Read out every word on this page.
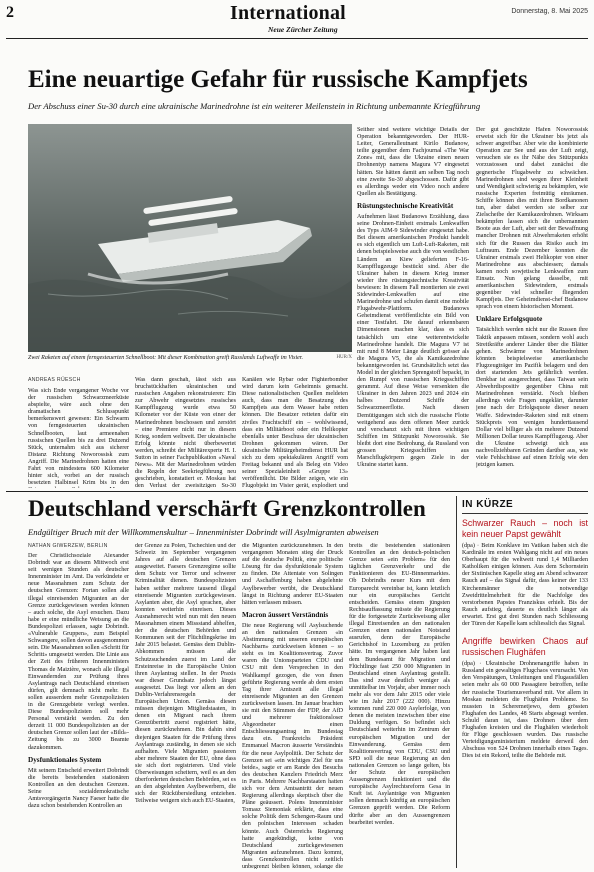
2	International
Neue Zürcher Zeitung
Donnerstag, 8. Mai 2025
Eine neuartige Gefahr für russische Kampfjets
Der Abschuss einer Su-30 durch eine ukrainische Marinedrohne ist ein weiterer Meilenstein in Richtung unbemannte Kriegführung
Zwei Raketen auf einem ferngesteuerten Schnellboot: Mit dieser Kombination greift Russlands Luftwaffe im Visier.	HUR/X
ANDREAS RÜESCH

Was sich Ende vergangener Woche vor der russischen Schwarzmeerküste abspielte, wäre auch ohne den dramatischen Schlusspunkt bemerkenswert gewesen: Ein Schwarm von ferngesteuerten ukrainischen Schnellbooten, laut armeenahen russischen Quellen bis zu drei Dutzend Stück, unternahm sich aus sicherer Distanz Richtung Noworossisk zum Angriff. Die Marinedrohnen hatten eine Fahrt von mindestens 600 Kilometer hinter sich, vorbei an der russisch besetzten Halbinsel Krim bis in den

Was dann geschah, lässt sich aus bruchstückhaften ukrainischen und russischen Angaben rekonstruieren: Ein zur Abwehr eingesetztes russisches Kampfflugzeug wurde etwa 50 Kilometer vor der Küste von einer der Marinedrohnen beschossen und zerstört – eine Premiere nicht nur in diesem Krieg, sondern weltweit. Der ukrainische Erfolg könnte nicht überbewertet werden, schreibt der Militärexperte H. I. Sutton in seiner Fachpublikation «Naval News». Mit der Marinedrohnen würden die Regeln der Seekriegführung neu geschrieben, konstatiert er. Moskau hat den Verlust der zweisitzigen Su-30

Kanälen wie Rybar oder Fighterbomber wird darum kein Geheimnis gemacht. Diese nationalistischen Quellen meldeten auch, dass man die Besatzung des Kampfjets aus dem Wasser habe retten können. Die Besatzer retteten dafür ein ziviles Frachtschiff ein – wohlwissend, dass ein Militärboot oder ein Helikopter ebenfalls unter Beschuss der ukrainischen Drohnen gekommen wären. Der ukrainische Militärgeheimdienst HUR hat sich zu dem spektakulären Angriff vom Freitag bekannt und als Beleg ein Video seiner Spezialeinheit «Gruppe 13» veröffentlicht. Die Bilder zeigen, wie ein Flugobjekt im Visier gerät, explodiert und

Seither sind weitere wichtige Details der Operation bekanntgeworden. Der HUR-Leiter, Generalleutnant Kirilo Budanow, teilte gegenüber dem Fachjournal «The War Zone» mit, dass die Ukraine einen neuen Drohnentyp namens Magura V7 eingesetzt hätten. Sie hätten damit am selben Tag noch eine zweite Su-30 abgeschossen. Dafür gibt es allerdings weder ein Video noch andere Quellen als Bestätigung.

Rüstungstechnische Kreativität

Aufnehmen lässt Budanows Erzählung, dass seine Drohnen-Einheit erstmals Lenkwaffen des Typs AIM-9 Sidewinder eingesetzt habe. Bei diesem amerikanischen Produkt handelt es sich eigentlich um Luft-Luft-Raketen, mit denen beispielsweise auch die von westlichen Ländern an Kiew gelieferten F-16-Kampfflugzeuge bestückt sind. Aber die Ukrainer haben in diesem Krieg immer wieder ihre rüstungstechnische Kreativität bewiesen: In diesem Fall montierten sie zwei Sidewinder-Lenkwaffen auf eine Marinedrohne und schufen damit eine mobile Flugabwehr-Plattform. Budanows Geheimdienst veröffentlichte ein Bild von einer Testfahrt. Die darauf erkennbaren Dimensionen machen klar, dass es sich tatsächlich um eine weiterentwickelte Marinedrohne handelt. Die Magura V7 ist mit rund 8 Meter Länge deutlich grösser als die Magura V5, die als Kamikazedrohne bekanntgeworden ist. Grundsätzlich setzt das Model in der gleichen Sprengstoff bepackt, in den Rumpf von russischen Kriegsschiffen gerammt. Auf diese Weise versenkten die Ukrainer in den Jahren 2023 und 2024 ein halbes Dutzend Schiffe der Schwarzmeerflotte. Nach diesen Demütigungen sich sich die russische Flotte weitgehend aus dem offenen Meer zurück und verschanzt sich mit ihren wichtigen Schiffen im Stützpunkt Noworossisk. Sie bleibt dort eine Bedrohung, da Russland von grossen Kriegsschiffen aus Marschflugkörpern gegen Ziele in der Ukraine startet kann.

Der gut geschützte Hafen Noworossisk erweist sich für die Ukrainer bis jetzt als schwer angreifbar. Aber wie die kombinierte Operation zur See und aus der Luft zeigt, versuchen sie es ihr Nähe des Stützpunkts vorzustossen und dabei zunächst die gegnerische Flugabwehr zu schwächen. Marinedrohnen sind wegen ihrer Kleinheit und Wendigkeit schwierig zu bekämpfen, wie russische Experten freimütig einräumen. Schiffe können dies mit ihren Bordkanonen tun, aber dabei werden sie selber zur Zielscheibe der Kamikazedrohnen. Wirksam bekämpfen lassen sich die unbemannten Boote aus der Luft, aber seit der Bewaffnung mancher Drohnen mit Abwehrraketen erhöht sich für die Russen das Risiko auch im Luftraum. Ende Dezember konnten die Ukrainer erstmals zwei Helikopter von einer Marinedrohne aus abschiessen; damals kamen noch sowjetische Lenkwaffen zum Einsatz. Nun gelang dasselbe, mit amerikanischen Sidewindern, erstmals gegenüber viel schneller fliegenden Kampfjets. Der Geheimdienst-chef Budanow sprach von einem historischen Moment.

Unklare Erfolgsquote

Tatsächlich werden nicht nur die Russen ihre Taktik anpassen müssen, sondern wohl auch Streitkräfte anderer Länder über die Blätter gehen. Schwärme von Marinedrohnen könnten beispielsweise amerikanische Flugzeugträger im Pazifik belagern und den dort startenden Jets gefährlich werden. Denkbar ist ausgerechnet, dass Taiwan sein Abwehrdispositiv gegenüber China mit Marinedrohnen verstärkt. Noch bleiben allerdings viele Fragen ungeklärt, darunter jene nach der Erfolgsquote dieser neuen Waffe. Sidewinder-Raketen sind mit einem Stückpreis von wenigen hunderttausend Dollar viel billiger als ein mehrere Dutzend Millionen Dollar teures Kampfflugzeug. Aber die Ukraine schweigt sich aus nachvollziehbaren Gründen darüber aus, wie viele Fehlschüsse auf einen Erfolg wie den jetzigen kamen.

Deutschland verschärft Grenzkontrollen
Endgültiger Bruch mit der Willkommenskultur – Innenminister Dobrindt will Asylmigranten abweisen
NATHAN GIWERZEW, BERLIN

Der Christlichsoziale Alexander Dobrindt war an diesem Mittwoch erst seit wenigen Stunden als deutscher Innenminister im Amt. Da verkündete er neue Massnahmen zum Schutz der deutschen Grenzen: Fortan sollen alle illegal einreisenden Migranten an der Grenze zurückgewiesen werden können – auch solche, die Asyl ersuchen. Dazu habe er eine mündliche Weisung an die Bundespolizei erlassen, sagte Dobrindt. «Vulnerable Gruppen», zum Beispiel Schwangere, sollen davon ausgenommen sein. Die Massnahmen sollen «Schritt für Schritt» umgesetzt werden. Die Linie aus der Zeit des früheren Innenministers Thomas de Maizière, wonach alle illegal Einwandernden zur Prüfung ihres Asylantrags nach Deutschland einreisen dürfen, gilt demnach nicht mehr. Es sollen ausserdem mehr Grenzpolizisten in die Grenzgebiete verlegt werden. Diese Bundespolizisten soll mehr Personal verstärkt werden. Zu den derzeit 11 000 Bundespolizisten an der deutschen Grenze sollen laut der «Bild»-Zeitung bis zu 3000 Beamte dazukommen.

Dysfunktionales System

Mit seinem Entscheid erweitert Dobrindt die bereits bestehenden stationären Kontrollen an den deutschen Grenzen. Seine sozialdemokratische Amtsvorgängerin Nancy Faeser hatte die dazu schon bestehenden Kontrollen an

der Grenze zu Polen, Tschechien und der Schweiz im September vergangenen Jahres auf alle deutschen Grenzen ausgeweitet. Faesers Grenzregime sollte dem Schutz vor Terror und schwerer Kriminalität dienen. Bundespolizisten haben seither mehrere tausend illegal einreisende Migranten zurückgewiesen. Asylanten aber, die Asyl sprachen, aber konnten weiterhin einreisen. Dieses Ausnahmerecht wird nun mit den neuen Massnahmen einem Missstand abhelfen, der die deutschen Behörden und Kommunen seit der Flüchtlingskrise im Jahr 2015 belastet. Gemäss dem Dublin-Abkommen müssen alle Schutzsuchenden zuerst im Land der Ersteinreise in die Europäische Union ihren Asylantrag stellen. In der Praxis war dieser Grundsatz jedoch längst ausgesetzt. Das liegt vor allem an den Dublin-Verfahrensregeln der Europäischen Union. Gemäss diesen müssen diejenigen Mitgliedstaaten, in denen ein Migrant nach ihrem Grenzübertritt zuerst registriert hätte, diesen zurücknehmen. Bin dahin sind diejenigen Staaten für die Prüfung ihres Asylantrags zuständig, in denen sie sich aufhalten. Viele Migranten passieren aber mehrere Staaten der EU, ohne dass sie sich dort registrieren. Und viele Überweisungen scheitern, weil es an den überforderten deutschen Behörden, sei es an den abgelehnten Asylbewerbern, die sich der Rückübersiedlung entziehen. Teilweise weigern sich auch EU-Staaten,

die Migranten zurückzunehmen. In den vergangenen Monaten stieg der Druck auf die deutsche Politik, eine politische Lösung für das dysfunktionale System zu finden. Die Attentate von Solingen und Aschaffenburg haben abgelehnte Asylbewerber verübt, die Deutschland längst in Richtung anderer EU-Staaten hätten verlassen müssen.

Macron äussert Verständnis

Die neue Regierung will Asylsuchende an den nationalen Grenzen «in Abstimmung mit unseren europäischen Nachbarn» zurückweisen können – so steht es im Koalitionsvertrag. Zuvor waren die Unionsparteien CDU und CSU mit dem Versprechen in den Wahlkampf gezogen, die von ihnen geführte Regierung werde ab dem ersten Tag ihrer Amtszeit alle illegal einreisende Migranten an den Grenzen zurückweisen lassen. Im Januar brachten sie mit den Stimmen der FDP, der AfD und mehrerer fraktionsloser Abgeordneter einen Entschliessungsantrag im Bundestag dazu ein. Frankreichs Präsident Emmanuel Macron äusserte Verständnis für die neue Asylpolitik. Der Schutz der Grenzen sei «ein wichtiges Ziel für uns beide», sagte er am Rande des Besuchs des deutschen Kanzlers Friedrich Merz in Paris. Mehrere Nachbarstaaten hatten sich vor dem Amtsantritt der neuen Regierung allerdings skeptisch über die Pläne geäussert. Polens Innenminister Tomasz Siemoniak erklärte, dass eine solche Politik dem Schengen-Raum und den polnischen Interessen schaden könnte. Auch Österreichs Regierung hatte angekündigt, keine von Deutschland zurückgewiesenen Migranten aufzunehmen. Dazu kommt, dass Grenzkontrollen nicht zeitlich unbegrenzt bleiben können, solange die

breits die bestehenden stationären Kontrollen an den deutsch-polnischen Grenze seien «ein Problem» für den täglichen Grenzverkehr und die Funktionieren des EU-Binnenmarktes. Ob Dobrindts neuer Kurs mit dem Europarecht vereinbar ist, kann letztlich nur ein europäisches Gericht entscheiden. Gemäss einem jüngsten Rechtsauffassung müsste die Regierung für die fortgesetzte Zurückweisung aller illegal Einreisenden an den nationalen Grenzen einen nationalen Notstand ausrufen, denn der Europäische Gerichtshof in Luxemburg zu prüfen hätte. Im vergangenen Jahr haben laut dem Bundesamt für Migration und Flüchtlinge fast 250 000 Migranten in Deutschland einen Asylantrag gestellt. Das sind zwar deutlich weniger als unmittelbar im Vorjahr, aber immer noch mehr als vor dem Jahr 2015 oder viele wie im Jahr 2017 (222 000). Hinzu kommen rund 220 000 Asylerfolge, von denen die meisten inzwischen über eine Duldung verfügen. So befindet sich Deutschland weiterhin im Zentrum der europäischen Migration und der Einwanderung. Gemäss dem Koalitionsvertrag von CDU, CSU und SPD soll die neue Regierung an den nationalen Grenzen so lange gelten, bis der Schutz der europäischen Aussengrenzen funktioniert und die europäische Asylrechtsreform Gesa in Kraft ist. Asylanträge von Migranten sollen demnach künftig an europäischen Grenzen geprüft werden. Die Reform dürfte aber an den Aussengrenzen bearbeitet werden.

IN KÜRZE
Schwarzer Rauch – noch ist kein neuer Papst gewählt

(dpa) · Beim Konklave im Vatikan haben sich die Kardinäle im ersten Wahlgang nicht auf ein neues Oberhaupt für die weltweit rund 1,4 Milliarden Katholiken einigen können. Aus dem Schornstein der Sixtinischen Kapelle stieg am Abend schwarzer Rauch auf – das Signal dafür, dass keiner der 133 Kirchenmänner die notwendige Zweidrittelmehrheit für die Nachfolge des verstorbenen Papstes Franziskus erhielt. Bis der Rauch aufstieg, dauerte es deutlich länger als erwartet. Erst gut drei Stunden nach Schliessung der Türen der Kapelle kam schliesslich das Signal.

Angriffe bewirken Chaos auf russischen Flughäfen

(dpa) · Ukrainische Drohnenangriffe haben in Russland ein gewaltiges Flugchaos verursacht. Von den Verspätungen, Umleitungen und Flugausfällen seien mehr als 60 000 Passagiere betroffen, teilte der russische Tourismusverband mit. Vor allem in Moskau meldeten die Flughäfen Probleme. So mussten in Scheremetjewo, dem grössten Flughafen des Landes, 48 Starts abgesagt werden. Schuld daran ist, dass Drohnen über dem Flughafen kreisten und die Flughäfen wiederholt für Flüge geschlossen wurden. Das russische Verteidigungsministerium meldete derweil den Abschuss von 524 Drohnen innerhalb eines Tages. Dies ist ein Rekord, teilte die Behörde mit.
